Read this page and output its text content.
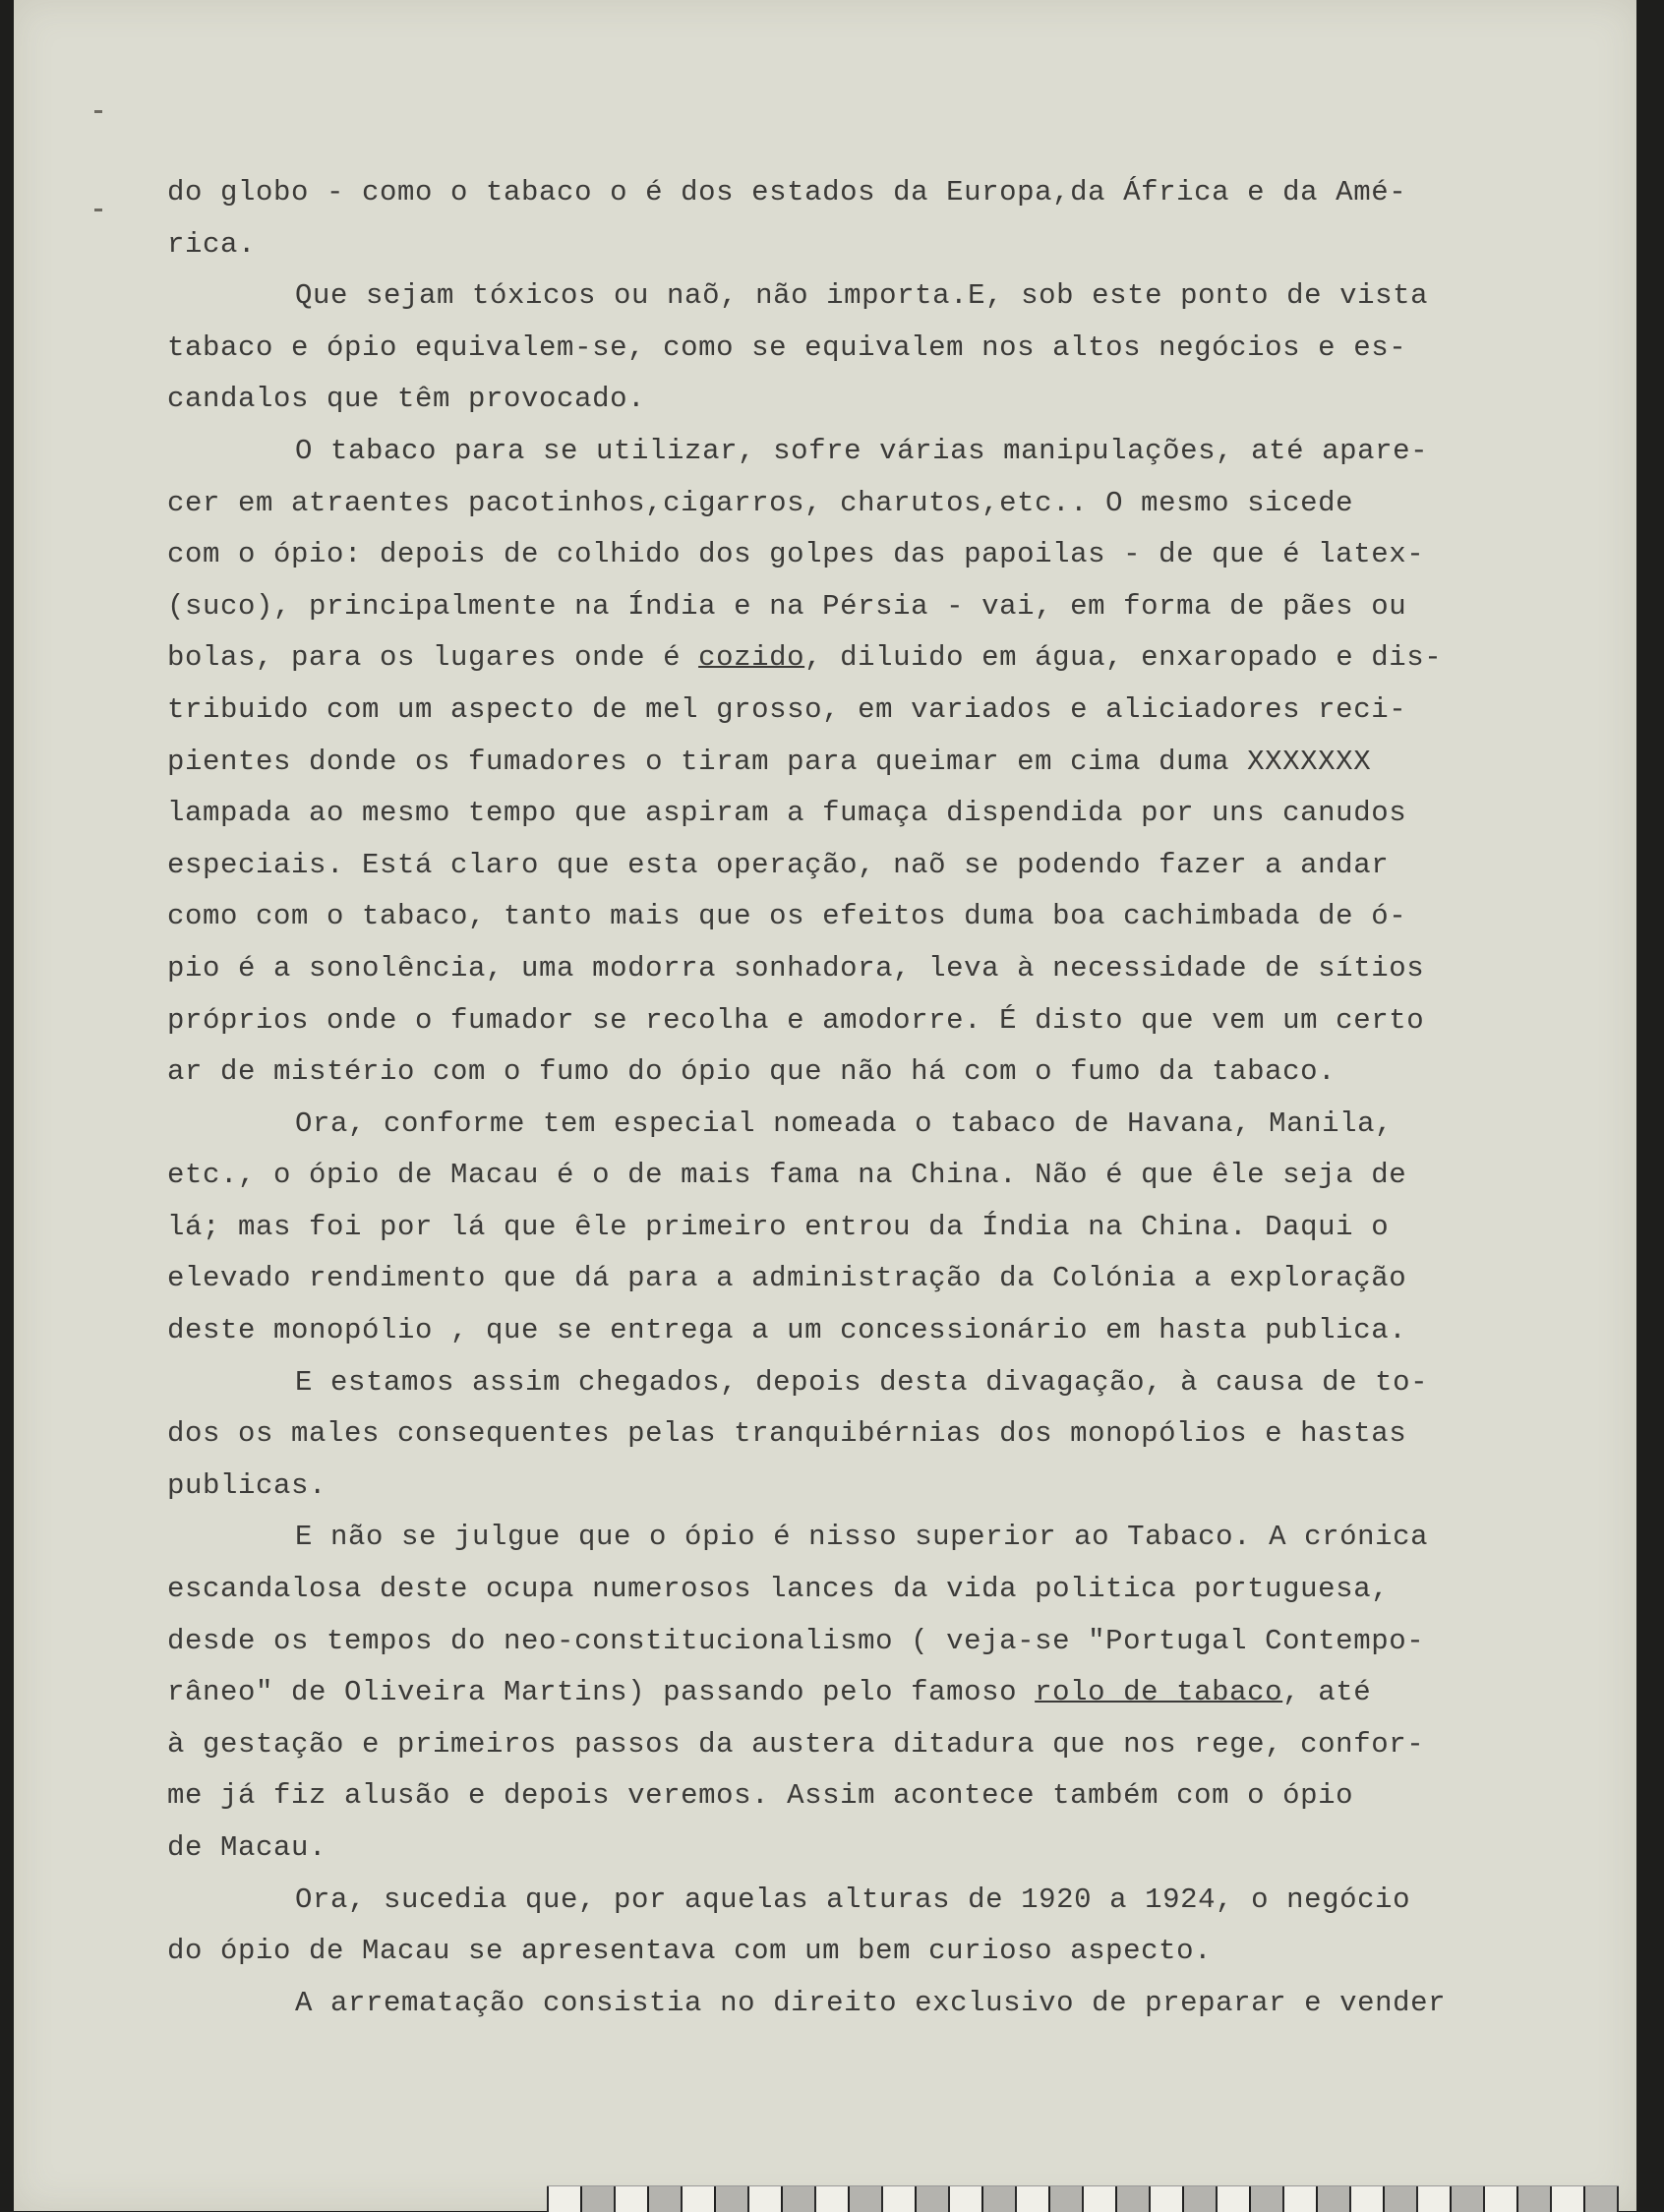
do globo - como o tabaco o é dos estados da Europa,da África e da Amé-
rica.
Que sejam tóxicos ou naõ, não importa.E, sob este ponto de vista
tabaco e ópio equivalem-se, como se equivalem nos altos negócios e es-
candalos que têm provocado.
O tabaco para se utilizar, sofre várias manipulações, até apare-
cer em atraentes pacotinhos,cigarros, charutos,etc.. O mesmo sicede
com o ópio: depois de colhido dos golpes das papoilas - de que é latex-
(suco), principalmente na Índia e na Pérsia - vai, em forma de pães ou
bolas, para os lugares onde é cozido, diluido em água, enxaropado e dis-
tribuido com um aspecto de mel grosso, em variados e aliciadores reci-
pientes donde os fumadores o tiram para queimar em cima duma XXXXXXX
lampada ao mesmo tempo que aspiram a fumaça dispendida por uns canudos
especiais. Está claro que esta operação, naõ se podendo fazer a andar
como com o tabaco, tanto mais que os efeitos duma boa cachimbada de ó-
pio é a sonolência, uma modorra sonhadora, leva à necessidade de sítios
próprios onde o fumador se recolha e amodorre. É disto que vem um certo
ar de mistério com o fumo do ópio que não há com o fumo da tabaco.
Ora, conforme tem especial nomeada o tabaco de Havana, Manila,
etc., o ópio de Macau é o de mais fama na China. Não é que êle seja de
lá; mas foi por lá que êle primeiro entrou da Índia na China. Daqui o
elevado rendimento que dá para a administração da Colónia a exploração
deste monopólio , que se entrega a um concessionário em hasta publica.
E estamos assim chegados, depois desta divagação, à causa de to-
dos os males consequentes pelas tranquibérnias dos monopólios e hastas
publicas.
E não se julgue que o ópio é nisso superior ao Tabaco. A crónica
escandalosa deste ocupa numerosos lances da vida politica portuguesa,
desde os tempos do neo-constitucionalismo ( veja-se "Portugal Contempo-
râneo" de Oliveira Martins) passando pelo famoso rolo de tabaco, até
à gestação e primeiros passos da austera ditadura que nos rege, confor-
me já fiz alusão e depois veremos. Assim acontece também com o ópio
de Macau.
Ora, sucedia que, por aquelas alturas de 1920 a 1924, o negócio
do ópio de Macau se apresentava com um bem curioso aspecto.
A arrematação consistia no direito exclusivo de preparar e vender
